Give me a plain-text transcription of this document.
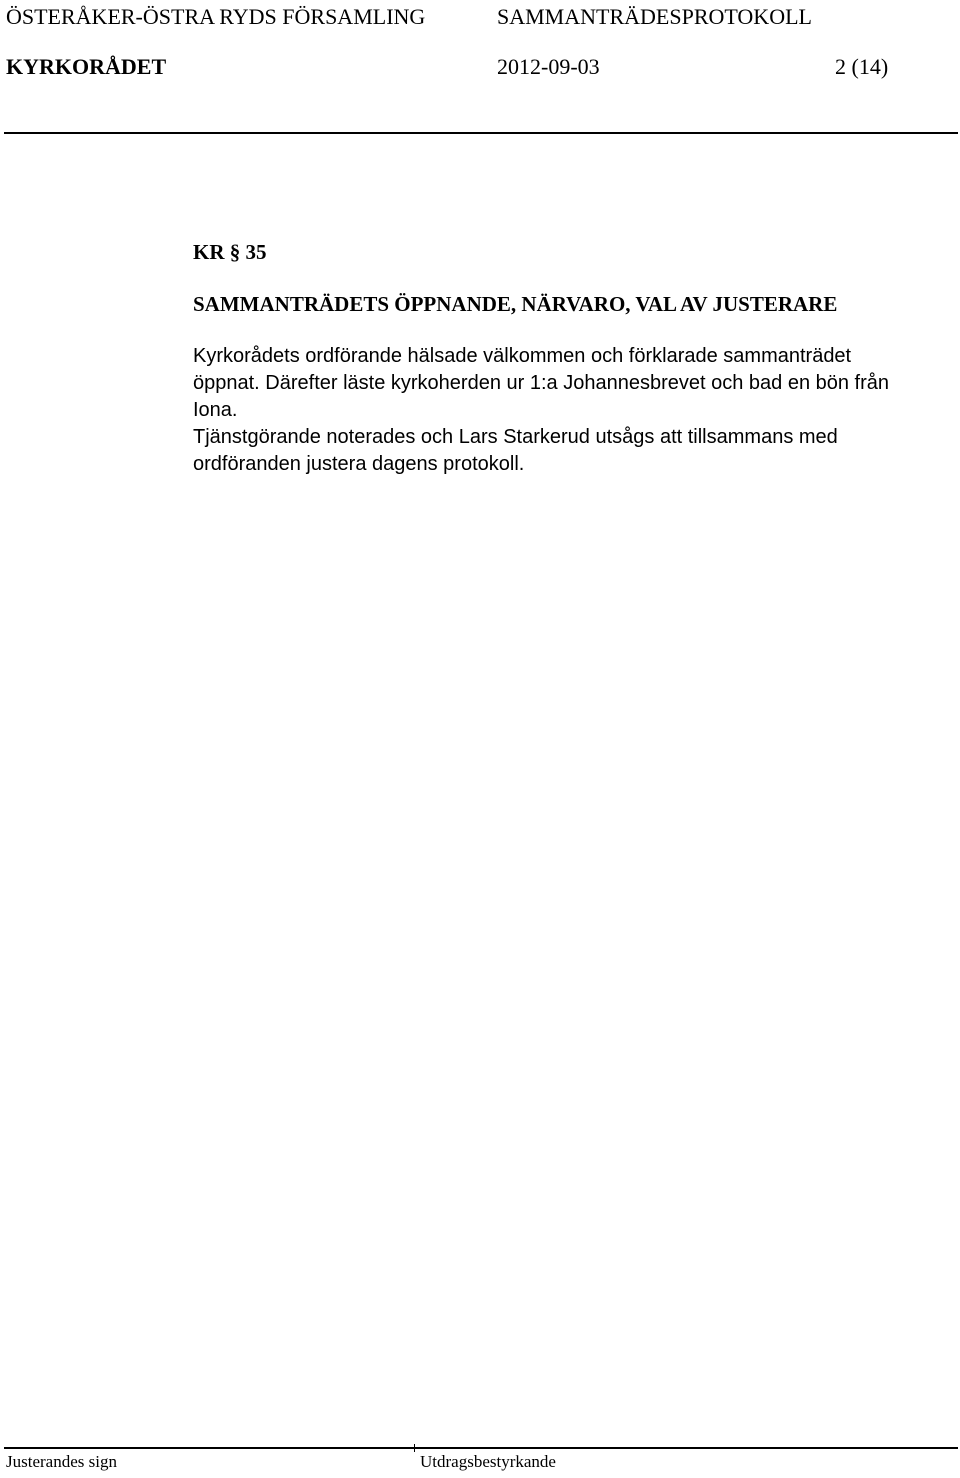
ÖSTERÅKER-ÖSTRA RYDS FÖRSAMLING	SAMMANTRÄDESPROTOKOLL
KYRKORÅDET	2012-09-03	2 (14)
KR § 35
SAMMANTRÄDETS ÖPPNANDE, NÄRVARO, VAL AV JUSTERARE

Kyrkorådets ordförande hälsade välkommen och förklarade sammanträdet

öppnat. Därefter läste kyrkoherden ur 1:a Johannesbrevet och bad en bön från

Iona.

Tjänstgörande noterades och Lars Starkerud utsågs att tillsammans med

ordföranden justera dagens protokoll.

Justerandes sign	Utdragsbestyrkande
